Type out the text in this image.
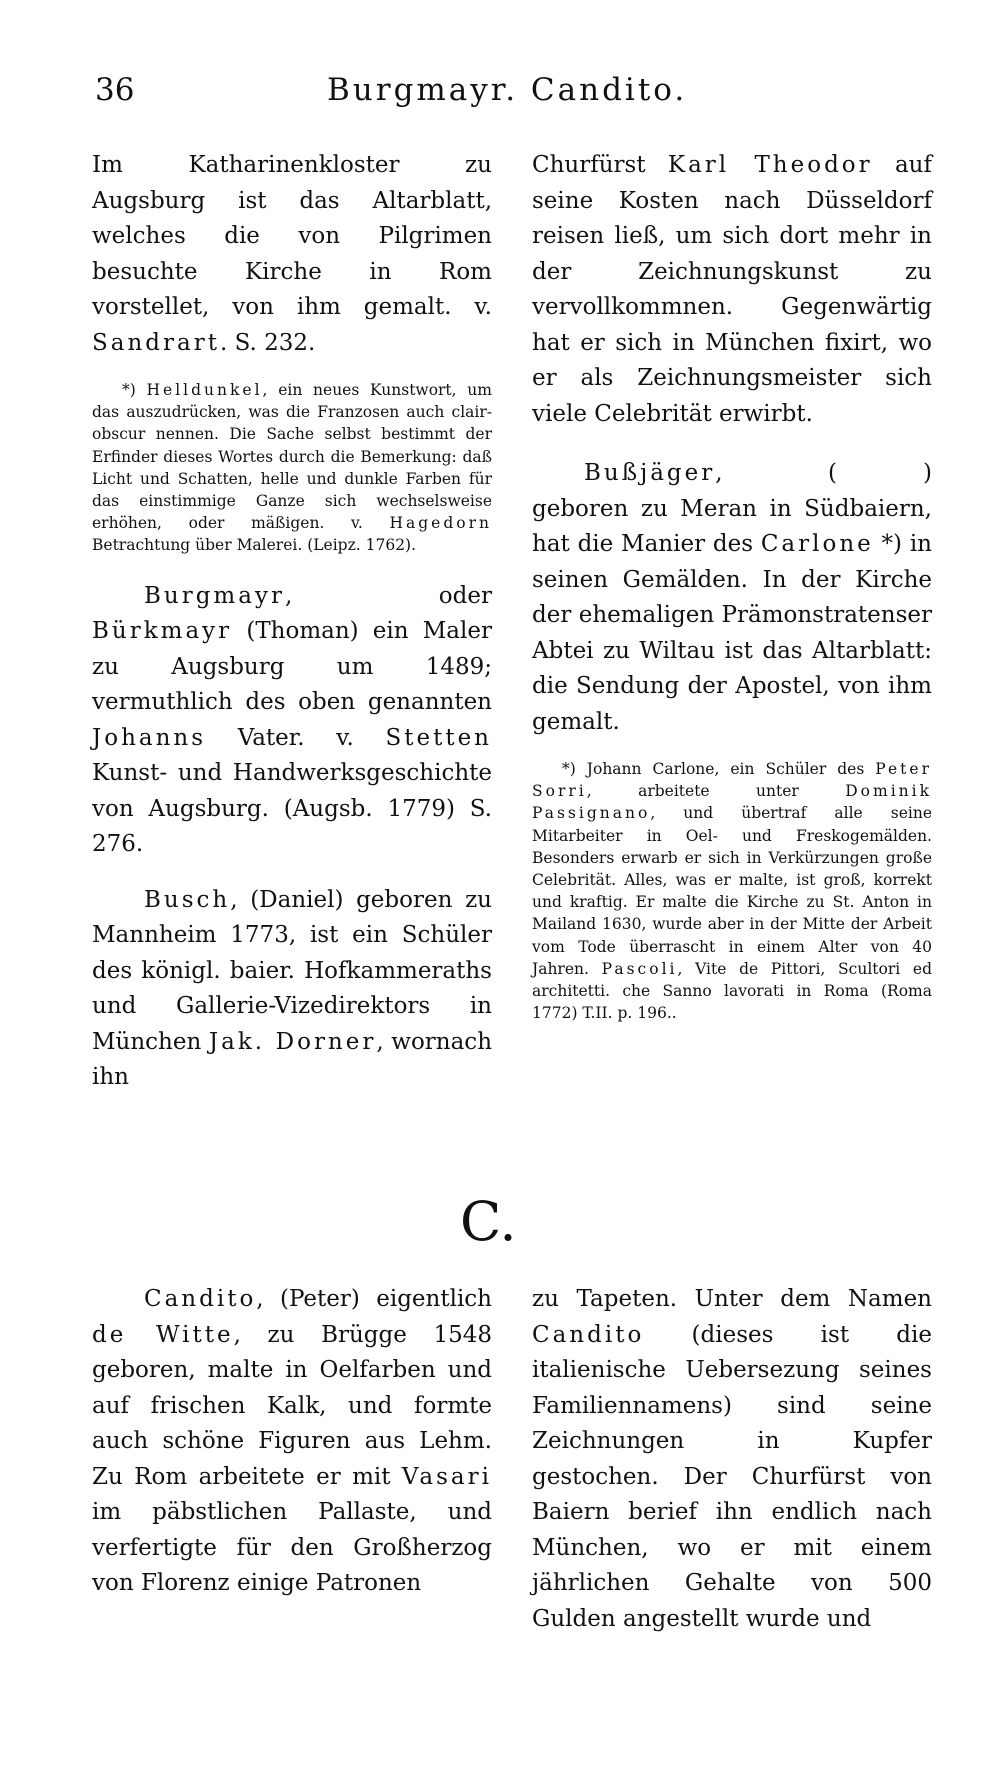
36	Burgmayr. Candito.

Im Katharinenkloster zu Augsburg ist das Altarblatt, welches die von Pilgrimen besuchte Kirche in Rom vorstellet, von ihm gemalt. v. Sandrart. S. 232.

*) Helldunkel, ein neues Kunstwort, um das auszudrücken, was die Franzosen auch clair-obscur nennen. Die Sache selbst bestimmt der Erfinder dieses Wortes durch die Bemerkung: daß Licht und Schatten, helle und dunkle Farben für das einstimmige Ganze sich wechselsweise erhöhen, oder mäßigen. v. Hagedorn Betrachtung über Malerei. (Leipz. 1762).

Burgmayr, oder Bürkmayr (Thoman) ein Maler zu Augsburg um 1489; vermuthlich des oben genannten Johanns Vater. v. Stetten Kunst- und Handwerksgeschichte von Augsburg. (Augsb. 1779) S. 276.

Busch, (Daniel) geboren zu Mannheim 1773, ist ein Schüler des königl. baier. Hofkammeraths und Gallerie-Vizedirektors in München Jak. Dorner, wornach ihn

Churfürst Karl Theodor auf seine Kosten nach Düsseldorf reisen ließ, um sich dort mehr in der Zeichnungskunst zu vervollkommnen. Gegenwärtig hat er sich in München fixirt, wo er als Zeichnungsmeister sich viele Celebrität erwirbt.

Bußjäger, (	) geboren zu Meran in Südbaiern, hat die Manier des Carlone *) in seinen Gemälden. In der Kirche der ehemaligen Prämonstratenser Abtei zu Wiltau ist das Altarblatt: die Sendung der Apostel, von ihm gemalt.

*) Johann Carlone, ein Schüler des Peter Sorri, arbeitete unter Dominik Passignano, und übertraf alle seine Mitarbeiter in Oel- und Freskogemälden. Besonders erwarb er sich in Verkürzungen große Celebrität. Alles, was er malte, ist groß, korrekt und kraftig. Er malte die Kirche zu St. Anton in Mailand 1630, wurde aber in der Mitte der Arbeit vom Tode überrascht in einem Alter von 40 Jahren. Pascoli, Vite de Pittori, Scultori ed architetti. che Sanno lavorati in Roma (Roma 1772) T.II. p. 196..

C.

Candito, (Peter) eigentlich de Witte, zu Brügge 1548 geboren, malte in Oelfarben und auf frischen Kalk, und formte auch schöne Figuren aus Lehm. Zu Rom arbeitete er mit Vasari im päbstlichen Pallaste, und verfertigte für den Großherzog von Florenz einige Patronen

zu Tapeten. Unter dem Namen Candito (dieses ist die italienische Uebersezung seines Familiennamens) sind seine Zeichnungen in Kupfer gestochen. Der Churfürst von Baiern berief ihn endlich nach München, wo er mit einem jährlichen Gehalte von 500 Gulden angestellt wurde und
